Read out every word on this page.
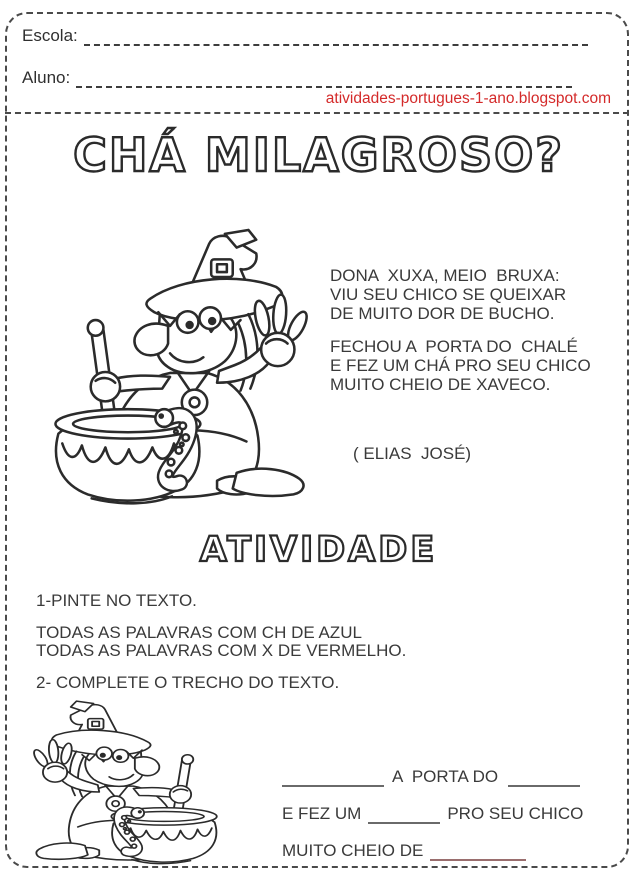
Escola:
Aluno:
atividades-portugues-1-ano.blogspot.com
CHÁ MILAGROSO?
DONA  XUXA, MEIO  BRUXA:
VIU SEU CHICO SE QUEIXAR
DE MUITO DOR DE BUCHO.
FECHOU A  PORTA DO  CHALÉ
E FEZ UM CHÁ PRO SEU CHICO
MUITO CHEIO DE XAVECO.
( ELIAS  JOSÉ)
ATIVIDADE
1-PINTE NO TEXTO.
TODAS AS PALAVRAS COM CH DE AZUL
TODAS AS PALAVRAS COM X DE VERMELHO.
2- COMPLETE O TRECHO DO TEXTO.
A  PORTA DO
E FEZ UM	PRO SEU CHICO
MUITO CHEIO DE
